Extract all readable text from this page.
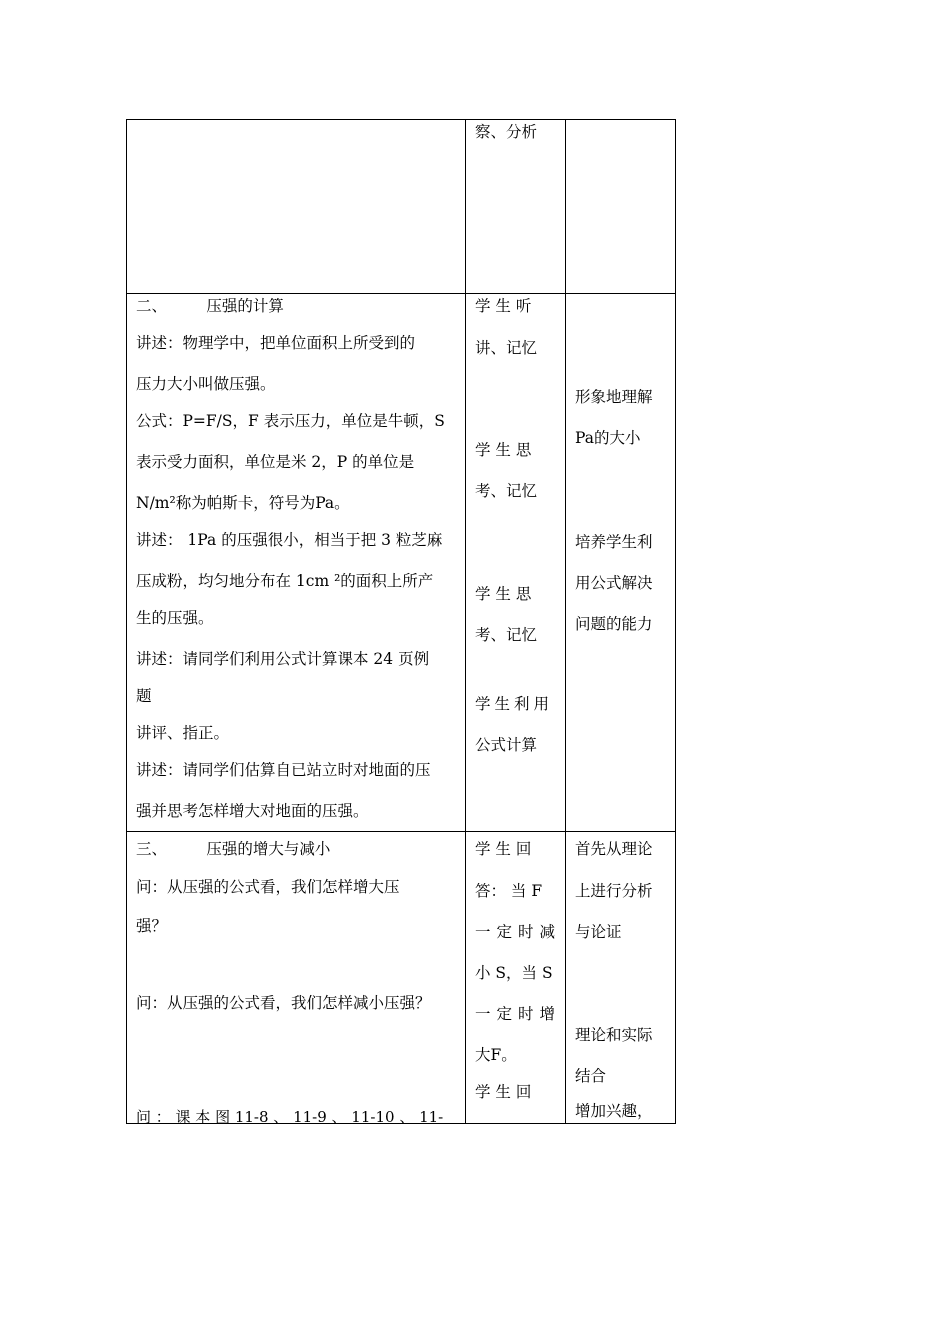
察、分析
二、        压强的计算
讲述：物理学中，把单位面积上所受到的
压力大小叫做压强。
公式：P=F/S，F 表示压力，单位是牛顿，S
表示受力面积，单位是米 2，P 的单位是
N/m²称为帕斯卡，符号为Pa。
讲述： 1Pa 的压强很小，相当于把 3 粒芝麻
压成粉，均匀地分布在 1cm ²的面积上所产
生的压强。
讲述：请同学们利用公式计算课本 24 页例
题
讲评、指正。
讲述：请同学们估算自已站立时对地面的压
强并思考怎样增大对地面的压强。
学 生 听
讲、记忆
学 生 思
考、记忆
学 生 思
考、记忆
学生利用
公式计算
形象地理解
Pa的大小
培养学生利
用公式解决
问题的能力
三、        压强的增大与减小
问：从压强的公式看，我们怎样增大压
强？
问：从压强的公式看，我们怎样减小压强？
问 ： 课 本 图 11-8 、 11-9 、 11-10 、 11-
学 生 回
答： 当 F
一定时减
小 S，当 S
一定时增
大F。
学 生 回
首先从理论
上进行分析
与论证
理论和实际
结合
增加兴趣，
